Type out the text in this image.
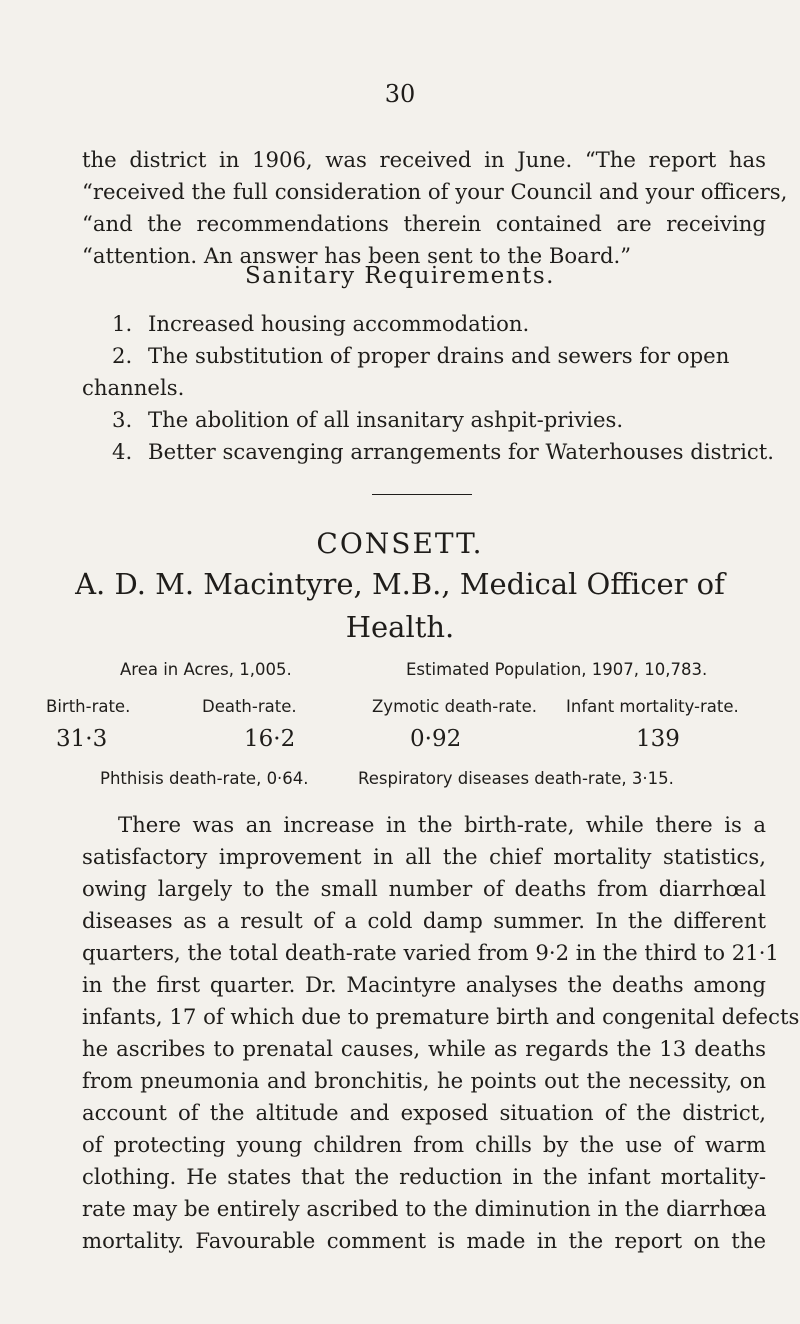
30
the district in 1906, was received in June. “The report has
“received the full consideration of your Council and your officers,
“and the recommendations therein contained are receiving
“attention. An answer has been sent to the Board.”
Sanitary Requirements.
1. Increased housing accommodation.
2. The substitution of proper drains and sewers for open
channels.
3. The abolition of all insanitary ashpit-privies.
4. Better scavenging arrangements for Waterhouses district.
CONSETT.
A. D. M. Macintyre, M.B., Medical Officer of
Health.
Area in Acres, 1,005.	Estimated Population, 1907, 10,783.
Birth-rate.	Death-rate.	Zymotic death-rate. Infant mortality-rate.
31·3	16·2	0·92	139
Phthisis death-rate, 0·64.	Respiratory diseases death-rate, 3·15.
There was an increase in the birth-rate, while there is a
satisfactory improvement in all the chief mortality statistics,
owing largely to the small number of deaths from diarrhœal
diseases as a result of a cold damp summer. In the different
quarters, the total death-rate varied from 9·2 in the third to 21·1
in the first quarter. Dr. Macintyre analyses the deaths among
infants, 17 of which due to premature birth and congenital defects
he ascribes to prenatal causes, while as regards the 13 deaths
from pneumonia and bronchitis, he points out the necessity, on
account of the altitude and exposed situation of the district,
of protecting young children from chills by the use of warm
clothing. He states that the reduction in the infant mortality-
rate may be entirely ascribed to the diminution in the diarrhœa
mortality. Favourable comment is made in the report on the
